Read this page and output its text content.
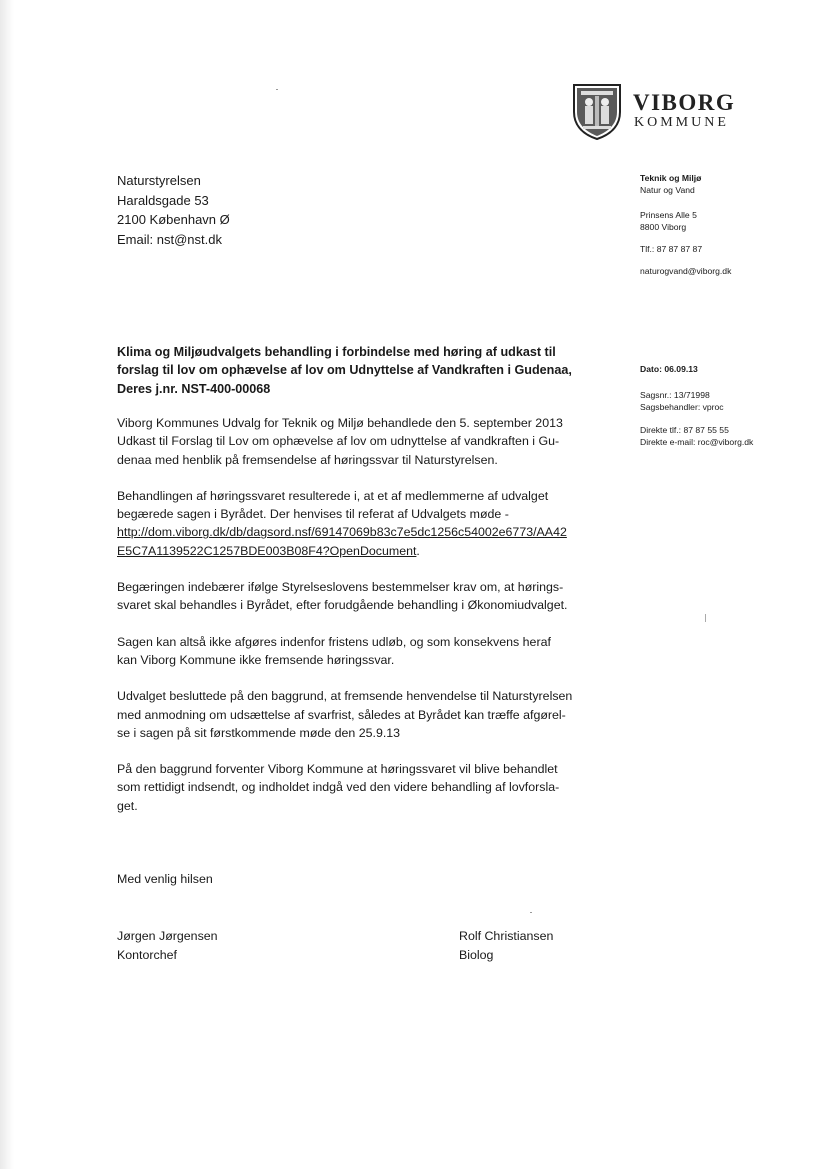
VIBORG
KOMMUNE
Naturstyrelsen
Haraldsgade 53
2100 København Ø
Email: nst@nst.dk
Teknik og Miljø
Natur og Vand
Prinsens Alle 5
8800 Viborg
Tlf.: 87 87 87 87
naturogvand@viborg.dk
Dato: 06.09.13
Sagsnr.: 13/71998
Sagsbehandler: vproc
Direkte tlf.: 87 87 55 55
Direkte e-mail: roc@viborg.dk
Klima og Miljøudvalgets behandling i forbindelse med høring af udkast til
forslag til lov om ophævelse af lov om Udnyttelse af Vandkraften i Gudenaa,
Deres j.nr. NST-400-00068
Viborg Kommunes Udvalg for Teknik og Miljø behandlede den 5. september 2013
Udkast til Forslag til Lov om ophævelse af lov om udnyttelse af vandkraften i Gu-
denaa med henblik på fremsendelse af høringssvar til Naturstyrelsen.
Behandlingen af høringssvaret resulterede i, at et af medlemmerne af udvalget
begærede sagen i Byrådet. Der henvises til referat af Udvalgets møde -
http://dom.viborg.dk/db/dagsord.nsf/69147069b83c7e5dc1256c54002e6773/AA42
E5C7A1139522C1257BDE003B08F4?OpenDocument.
Begæringen indebærer ifølge Styrelseslovens bestemmelser krav om, at hørings-
svaret skal behandles i Byrådet, efter forudgående behandling i Økonomiudvalget.
Sagen kan altså ikke afgøres indenfor fristens udløb, og som konsekvens heraf
kan Viborg Kommune ikke fremsende høringssvar.
Udvalget besluttede på den baggrund, at fremsende henvendelse til Naturstyrelsen
med anmodning om udsættelse af svarfrist, således at Byrådet kan træffe afgørel-
se i sagen på sit førstkommende møde den 25.9.13
På den baggrund forventer Viborg Kommune at høringssvaret vil blive behandlet
som rettidigt indsendt, og indholdet indgå ved den videre behandling af lovforsla-
get.
Med venlig hilsen
Jørgen Jørgensen
Kontorchef
Rolf Christiansen
Biolog
